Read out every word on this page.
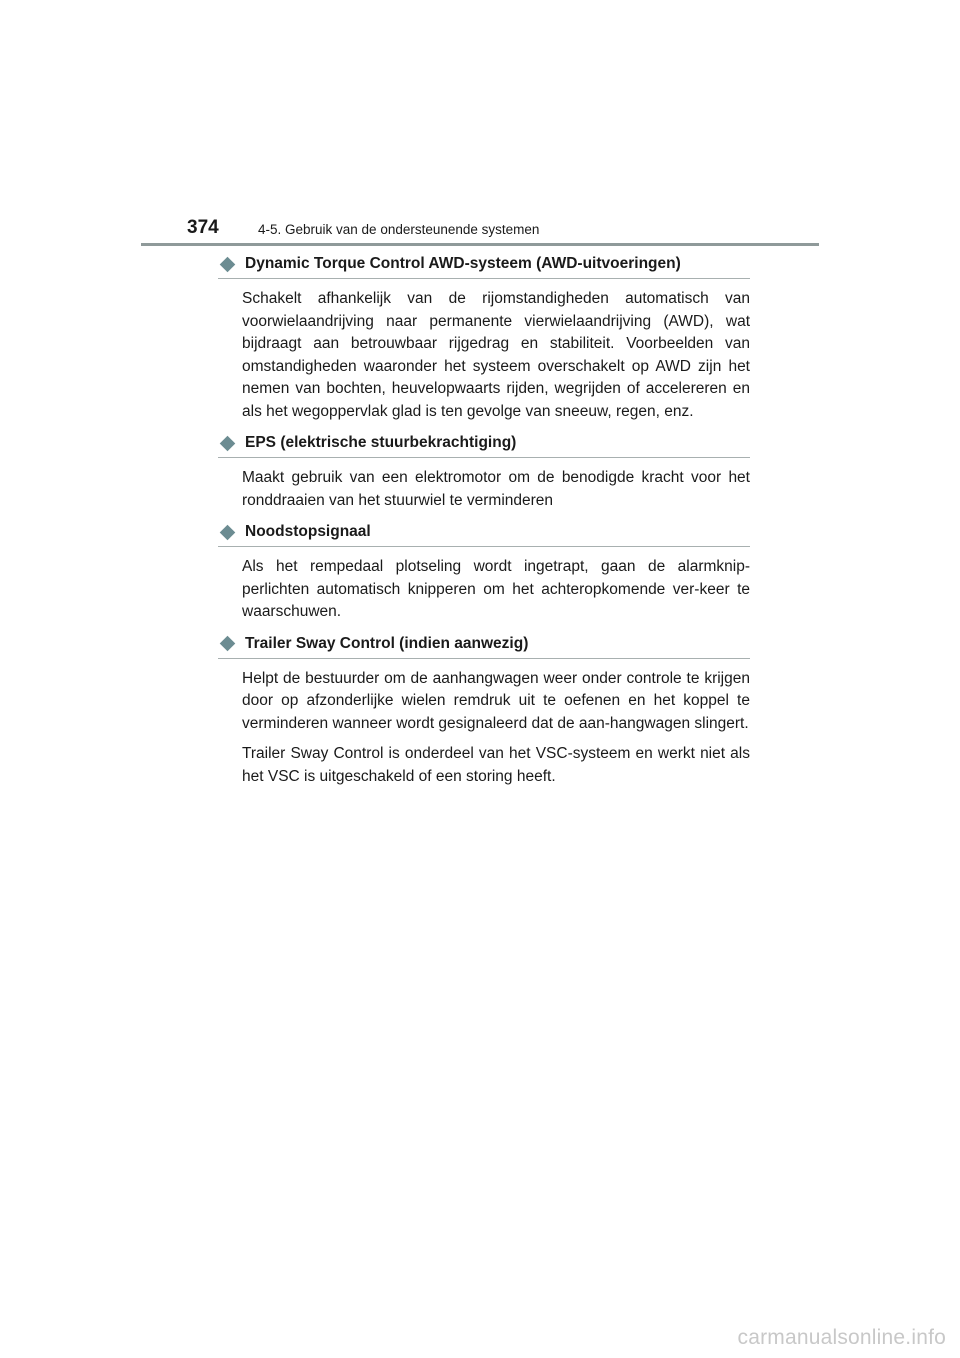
374	4-5. Gebruik van de ondersteunende systemen
Dynamic Torque Control AWD-systeem (AWD-uitvoeringen)

Schakelt afhankelijk van de rijomstandigheden automatisch van voorwielaandrijving naar permanente vierwielaandrijving (AWD), wat bijdraagt aan betrouwbaar rijgedrag en stabiliteit. Voorbeelden van omstandigheden waaronder het systeem overschakelt op AWD zijn het nemen van bochten, heuvelopwaarts rijden, wegrijden of accelereren en als het wegoppervlak glad is ten gevolge van sneeuw, regen, enz.

EPS (elektrische stuurbekrachtiging)

Maakt gebruik van een elektromotor om de benodigde kracht voor het ronddraaien van het stuurwiel te verminderen

Noodstopsignaal

Als het rempedaal plotseling wordt ingetrapt, gaan de alarmknip-perlichten automatisch knipperen om het achteropkomende ver-keer te waarschuwen.

Trailer Sway Control (indien aanwezig)

Helpt de bestuurder om de aanhangwagen weer onder controle te krijgen door op afzonderlijke wielen remdruk uit te oefenen en het koppel te verminderen wanneer wordt gesignaleerd dat de aan-hangwagen slingert.

Trailer Sway Control is onderdeel van het VSC-systeem en werkt niet als het VSC is uitgeschakeld of een storing heeft.

carmanualsonline.info
